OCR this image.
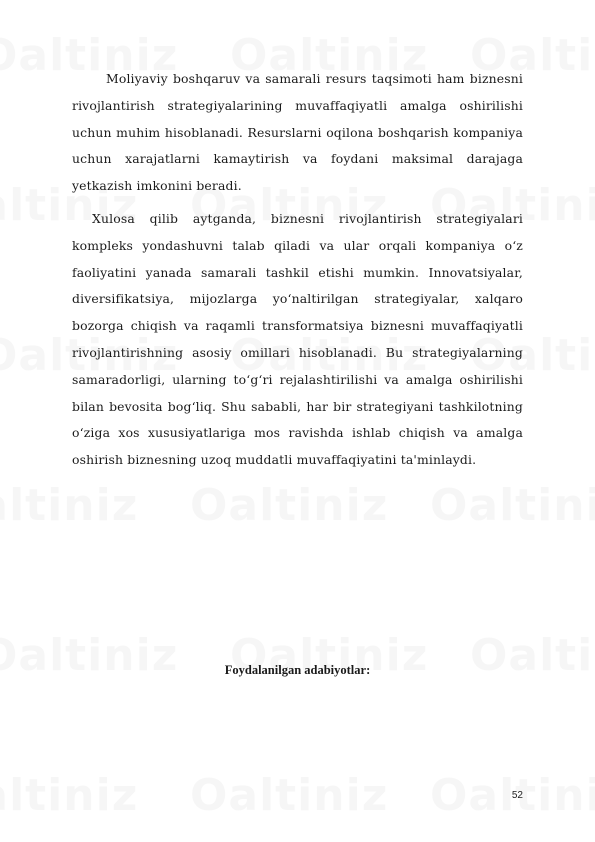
Moliyaviy boshqaruv va samarali resurs taqsimoti ham biznesni rivojlantirish strategiyalarining muvaffaqiyatli amalga oshirilishi uchun muhim hisoblanadi. Resurslarni oqilona boshqarish kompaniya uchun xarajatlarni kamaytirish va foydani maksimal darajaga yetkazish imkonini beradi.

Xulosa qilib aytganda, biznesni rivojlantirish strategiyalari kompleks yondashuvni talab qiladi va ular orqali kompaniya o‘z faoliyatini yanada samarali tashkil etishi mumkin. Innovatsiyalar, diversifikatsiya, mijozlarga yo‘naltirilgan strategiyalar, xalqaro bozorga chiqish va raqamli transformatsiya biznesni muvaffaqiyatli rivojlantirishning asosiy omillari hisoblanadi. Bu strategiyalarning samaradorligi, ularning to‘g‘ri rejalashtirilishi va amalga oshirilishi bilan bevosita bog‘liq. Shu sababli, har bir strategiyani tashkilotning o‘ziga xos xususiyatlariga mos ravishda ishlab chiqish va amalga oshirish biznesning uzoq muddatli muvaffaqiyatini ta'minlaydi.

Foydalanilgan adabiyotlar:
52
